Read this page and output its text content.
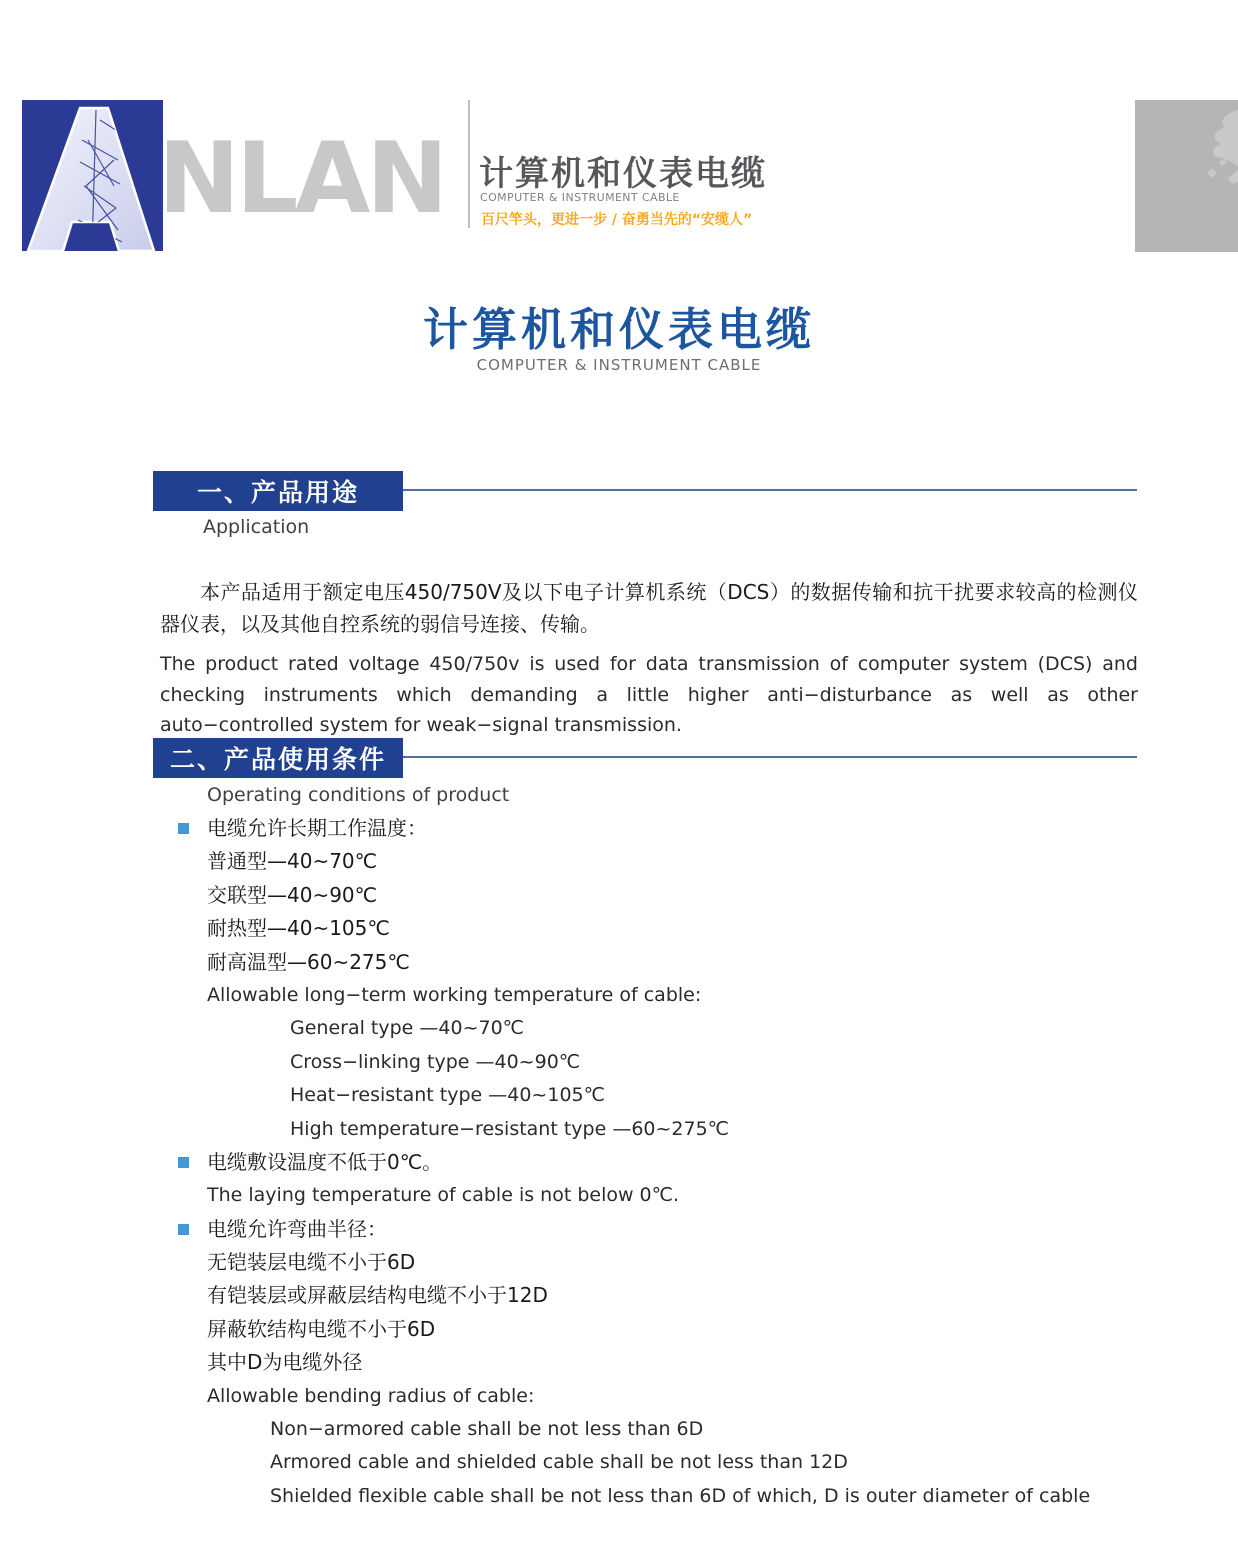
NLAN 计算机和仪表电缆
COMPUTER & INSTRUMENT CABLE
百尺竿头，更进一步 / 奋勇当先的“安缆人”
计算机和仪表电缆
COMPUTER & INSTRUMENT CABLE
一、产品用途
Application

本产品适用于额定电压450/750V及以下电子计算机系统（DCS）的数据传输和抗干扰要求较高的检测仪器仪表，以及其他自控系统的弱信号连接、传输。

The product rated voltage 450/750v is used for data transmission of computer system (DCS) and checking instruments which demanding a little higher anti−disturbance as well as other auto−controlled system for weak−signal transmission.

二、产品使用条件
Operating conditions of product
电缆允许长期工作温度：
普通型—40~70℃
交联型—40~90℃
耐热型—40~105℃
耐高温型—60~275℃
Allowable long−term working temperature of cable:
General type —40~70℃
Cross−linking type —40~90℃
Heat−resistant type —40~105℃
High temperature−resistant type —60~275℃
电缆敷设温度不低于0℃。
The laying temperature of cable is not below 0℃.
电缆允许弯曲半径：
无铠装层电缆不小于6D
有铠装层或屏蔽层结构电缆不小于12D
屏蔽软结构电缆不小于6D
其中D为电缆外径
Allowable bending radius of cable:
Non−armored cable shall be not less than 6D
Armored cable and shielded cable shall be not less than 12D
Shielded flexible cable shall be not less than 6D of which, D is outer diameter of cable
